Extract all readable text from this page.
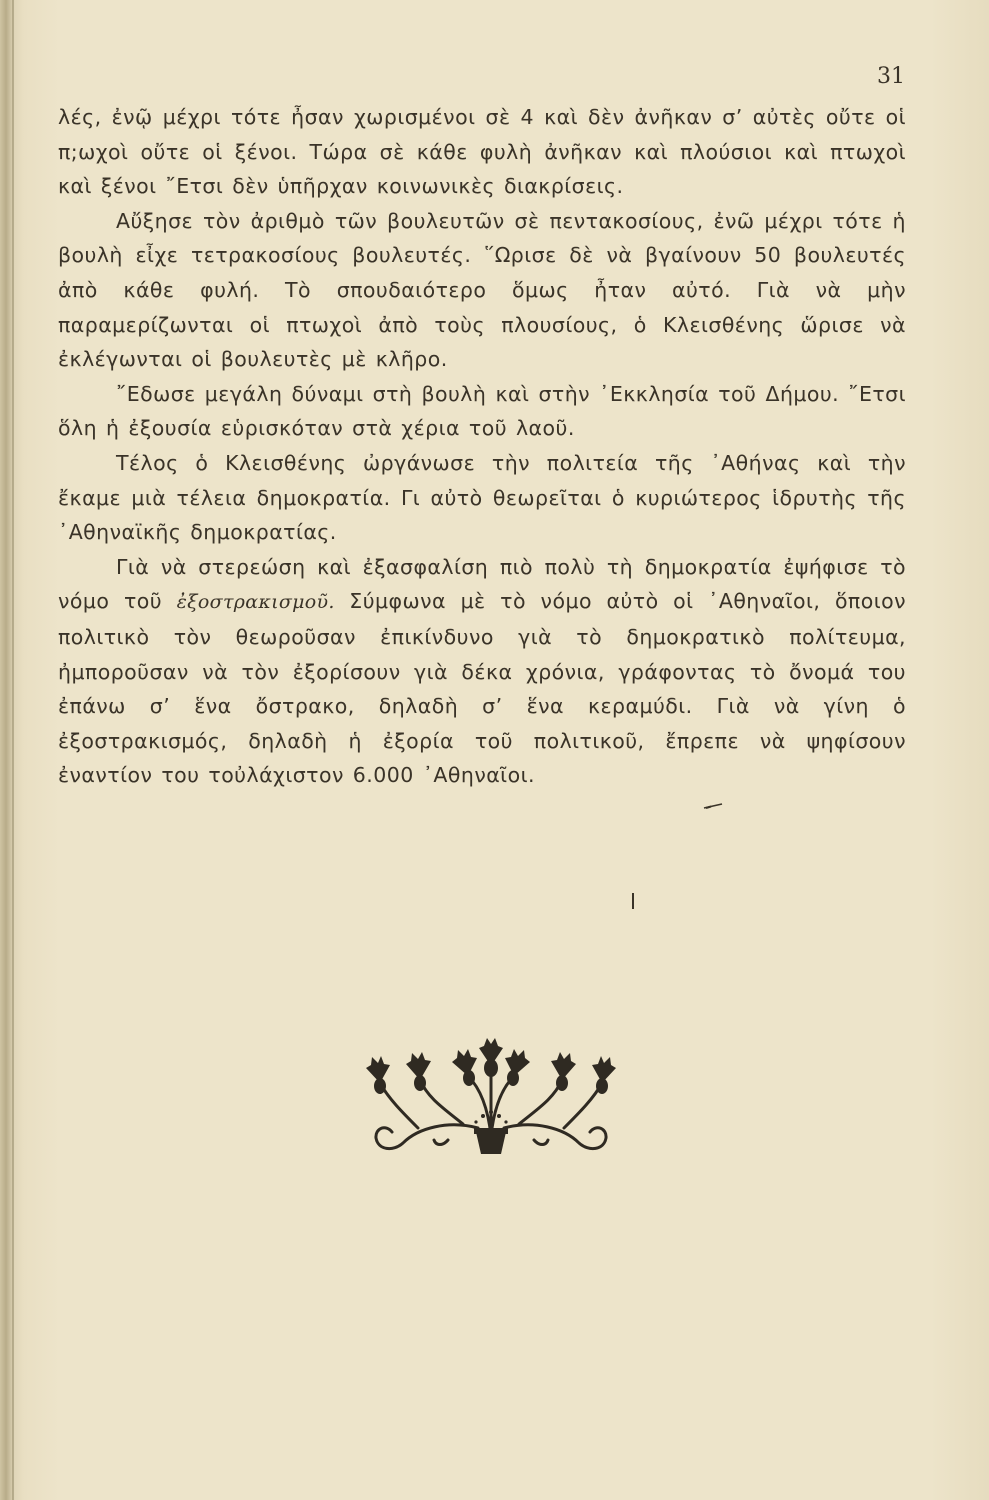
31

λές, ἐνῷ μέχρι τότε ἦσαν χωρισμένοι σὲ 4 καὶ δὲν ἀνῆκαν σ’ αὐτὲς οὔτε οἱ π;ωχοὶ οὔτε οἱ ξένοι. Τώρα σὲ κάθε φυλὴ ἀνῆκαν καὶ πλούσιοι καὶ πτωχοὶ καὶ ξένοι ῎Ετσι δὲν ὑπῆρχαν κοινωνικὲς διακρίσεις.

Αὔξησε τὸν ἀριθμὸ τῶν βουλευτῶν σὲ πεντακοσίους, ἐνῶ μέχρι τότε ἡ βουλὴ εἶχε τετρακοσίους βουλευτές. ῞Ωρισε δὲ νὰ βγαίνουν 50 βουλευτές ἀπὸ κάθε φυλή. Τὸ σπουδαιότερο ὅμως ἦταν αὐτό. Γιὰ νὰ μὴν παραμερίζωνται οἱ πτωχοὶ ἀπὸ τοὺς πλουσίους, ὁ Κλεισθένης ὥρισε νὰ ἐκλέγωνται οἱ βουλευτὲς μὲ κλῆρο.

῎Εδωσε μεγάλη δύναμι στὴ βουλὴ καὶ στὴν ᾿Εκκλησία τοῦ Δήμου. ῎Ετσι ὅλη ἡ ἐξουσία εὑρισκόταν στὰ χέρια τοῦ λαοῦ.

Τέλος ὁ Κλεισθένης ὠργάνωσε τὴν πολιτεία τῆς ᾿Αθήνας καὶ τὴν ἔκαμε μιὰ τέλεια δημοκρατία. Γι αὐτὸ θεωρεῖται ὁ κυριώτερος ἱδρυτὴς τῆς ᾿Αθηναϊκῆς δημοκρατίας.

Γιὰ νὰ στερεώση καὶ ἐξασφαλίση πιὸ πολὺ τὴ δημοκρατία ἐψήφισε τὸ νόμο τοῦ ἐξοστρακισμοῦ. Σύμφωνα μὲ τὸ νόμο αὐτὸ οἱ ᾿Αθηναῖοι, ὅποιον πολιτικὸ τὸν θεωροῦσαν ἐπικίνδυνο γιὰ τὸ δημοκρατικὸ πολίτευμα, ἠμποροῦσαν νὰ τὸν ἐξορίσουν γιὰ δέκα χρόνια, γράφοντας τὸ ὄνομά του ἐπάνω σ’ ἕνα ὄστρακο, δηλαδὴ σ’ ἕνα κεραμύδι. Γιὰ νὰ γίνη ὁ ἐξοστρακισμός, δηλαδὴ ἡ ἐξορία τοῦ πολιτικοῦ, ἔπρεπε νὰ ψηφίσουν ἐναντίον του τοὐλάχιστον 6.000 ᾿Αθηναῖοι.
